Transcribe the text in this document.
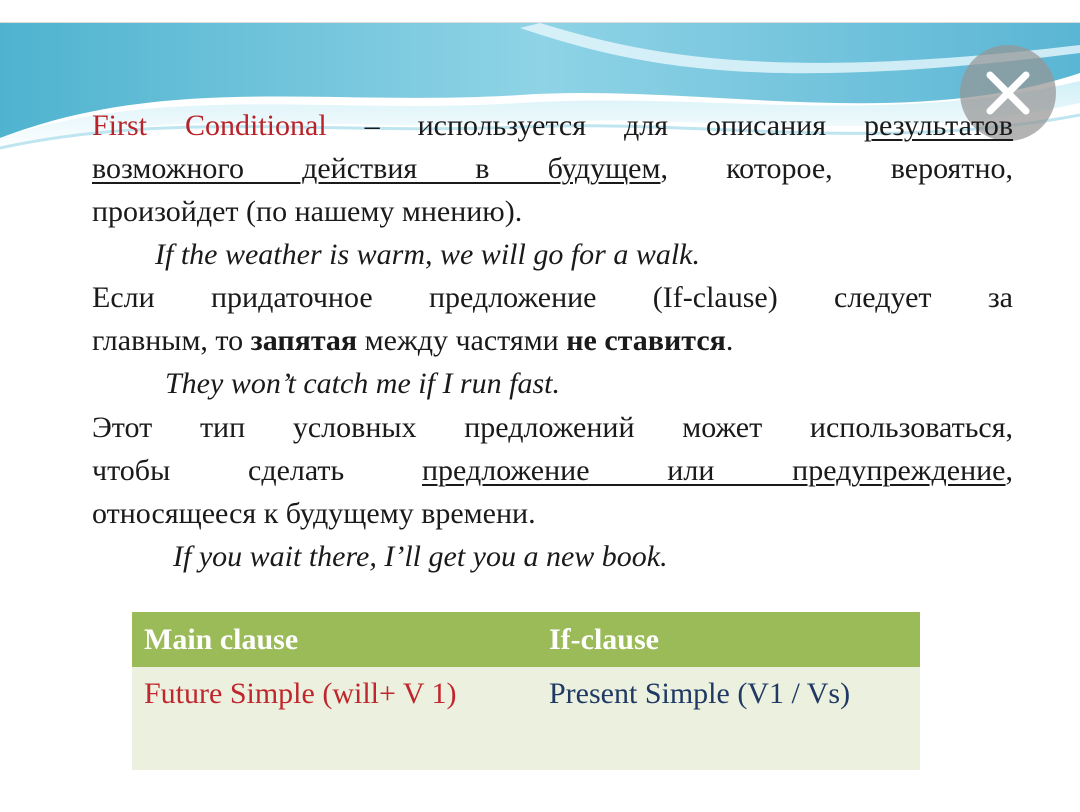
First Conditional – используется для описания результатов
возможного действия в будущем, которое, вероятно,
произойдет (по нашему мнению).
If the weather is warm, we will go for a walk.
Если придаточное предложение (If-clause) следует за
главным, то запятая между частями не ставится.
They won’t catch me if I run fast.
Этот тип условных предложений может использоваться,
чтобы сделать предложение или предупреждение,
относящееся к будущему времени.
If you wait there, I’ll get you a new book.
Main clause	If-clause
Future Simple (will+ V 1)	Present Simple (V1 / Vs)
